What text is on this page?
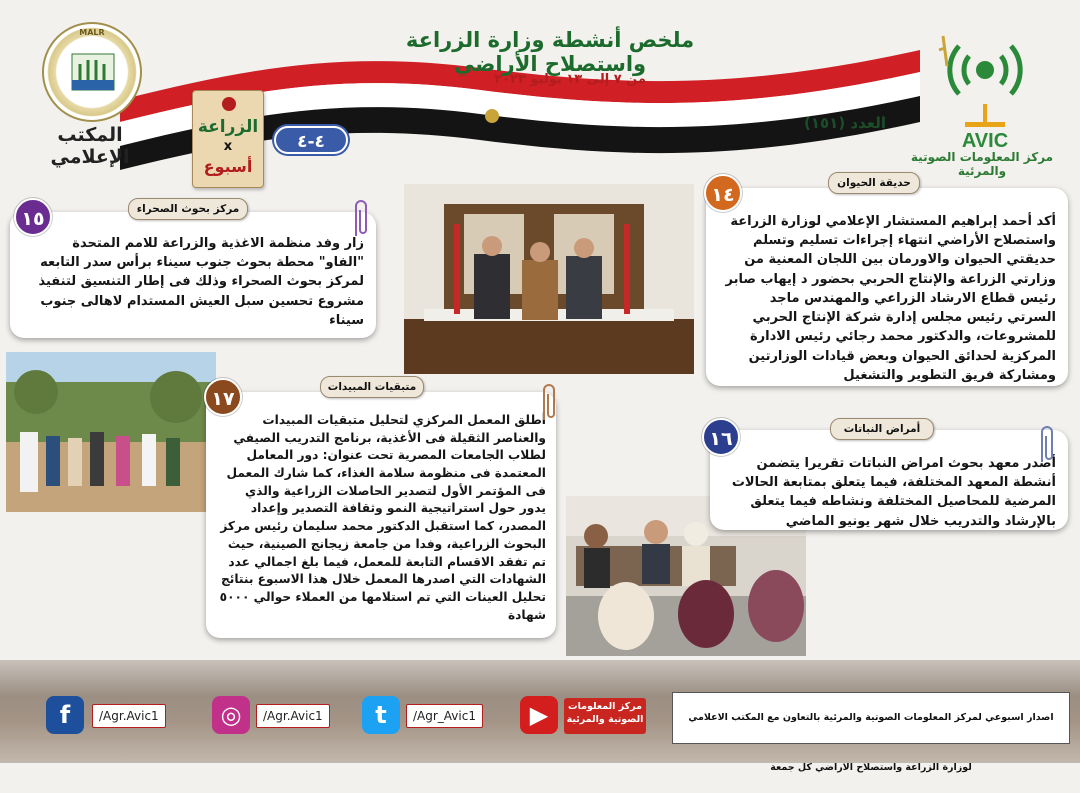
MALR
المكتب الإعلامي
ملخص أنشطة وزارة الزراعة واستصلاح الأراضي
من ٧ إلى ١٣ يوليو ٢٠٢٣
العدد (١٥١)
الزراعة
x
أسبوع
٤-٤	AVIC
مركز المعلومات الصوتية والمرئية
أكد أحمد إبراهيم المستشار الإعلامي لوزارة الزراعة واستصلاح الأراضي انتهاء إجراءات تسليم وتسلم حديقتي الحيوان والاورمان بين اللجان المعنية من وزارتي الزراعة والإنتاج الحربي بحضور د إيهاب صابر رئيس قطاع الارشاد الزراعي والمهندس ماجد السرتي رئيس مجلس إدارة شركة الإنتاج الحربي للمشروعات، والدكتور محمد رجائي رئيس الادارة المركزية لحدائق الحيوان وبعض قيادات الوزارتين ومشاركة فريق التطوير والتشغيل
حديقة الحيوان
١٤
زار وفد منظمة الاغذية والزراعة للامم المتحدة "الفاو" محطة بحوث جنوب سيناء برأس سدر التابعه لمركز بحوث الصحراء وذلك فى إطار التنسيق لتنفيذ مشروع تحسين سبل العيش المستدام لاهالى جنوب سيناء
مركز بحوث الصحراء
١٥
أصدر معهد بحوث امراض النباتات تقريرا يتضمن أنشطة المعهد المختلفة، فيما يتعلق بمتابعة الحالات المرضية للمحاصيل المختلفة ونشاطه فيما يتعلق بالإرشاد والتدريب خلال شهر يونيو الماضي
أمراض النباتات
١٦
أطلق المعمل المركزي لتحليل متبقيات المبيدات والعناصر الثقيلة فى الأغذية، برنامج التدريب الصيفي لطلاب الجامعات المصرية تحت عنوان: دور المعامل المعتمدة فى منظومة سلامة الغذاء، كما شارك المعمل فى المؤتمر الأول لتصدير الحاصلات الزراعية والذي يدور حول استراتيجية النمو وثقافة التصدير وإعداد المصدر، كما استقبل الدكتور محمد سليمان رئيس مركز البحوث الزراعية، وفدا من جامعة زيجانج الصينية، حيث تم تفقد الاقسام التابعة للمعمل، فيما بلغ اجمالي عدد الشهادات التي اصدرها المعمل خلال هذا الاسبوع بنتائج تحليل العينات التي تم استلامها من العملاء حوالي ٥٠٠٠ شهادة
متبقيات المبيدات
١٧
f	/Agr.Avic1	◎	/Agr.Avic1	t	/Agr_Avic1	▶	مركز المعلومات الصوتية والمرئية	اصدار اسبوعي لمركز المعلومات الصوتية والمرئية بالتعاون مع المكتب الاعلامي لوزارة الزراعة واستصلاح الاراضي كل جمعة
